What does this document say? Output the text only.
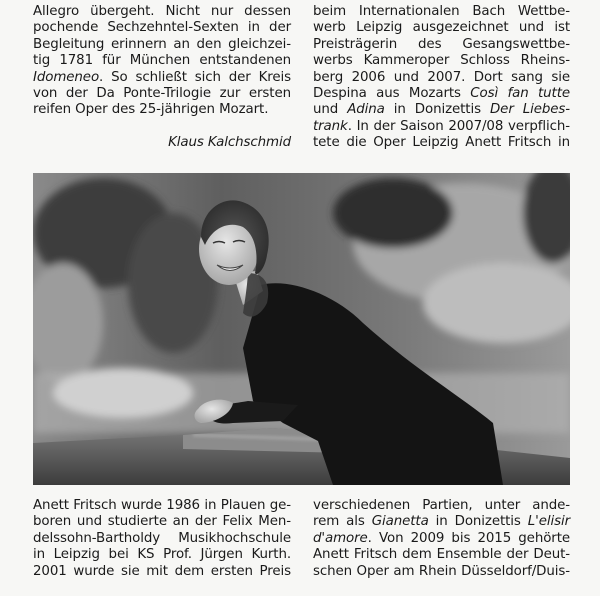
Allegro übergeht. Nicht nur dessen
pochende Sechzehntel-Sexten in der
Begleitung erinnern an den gleichzei-
tig 1781 für München entstandenen
Idomeneo. So schließt sich der Kreis
von der Da Ponte-Trilogie zur ersten
reifen Oper des 25-jährigen Mozart.
Klaus Kalchschmid
beim Internationalen Bach Wettbe-
werb Leipzig ausgezeichnet und ist
Preisträgerin des Gesangswettbe-
werbs Kammeroper Schloss Rheins-
berg 2006 und 2007. Dort sang sie
Despina aus Mozarts Così fan tutte
und Adina in Donizettis Der Liebes-
trank. In der Saison 2007/08 verpflich-
tete die Oper Leipzig Anett Fritsch in
Anett Fritsch wurde 1986 in Plauen ge-
boren und studierte an der Felix Men-
delssohn-Bartholdy Musikhochschule
in Leipzig bei KS Prof. Jürgen Kurth.
2001 wurde sie mit dem ersten Preis
verschiedenen Partien, unter ande-
rem als Gianetta in Donizettis L'elisir
d'amore. Von 2009 bis 2015 gehörte
Anett Fritsch dem Ensemble der Deut-
schen Oper am Rhein Düsseldorf/Duis-
